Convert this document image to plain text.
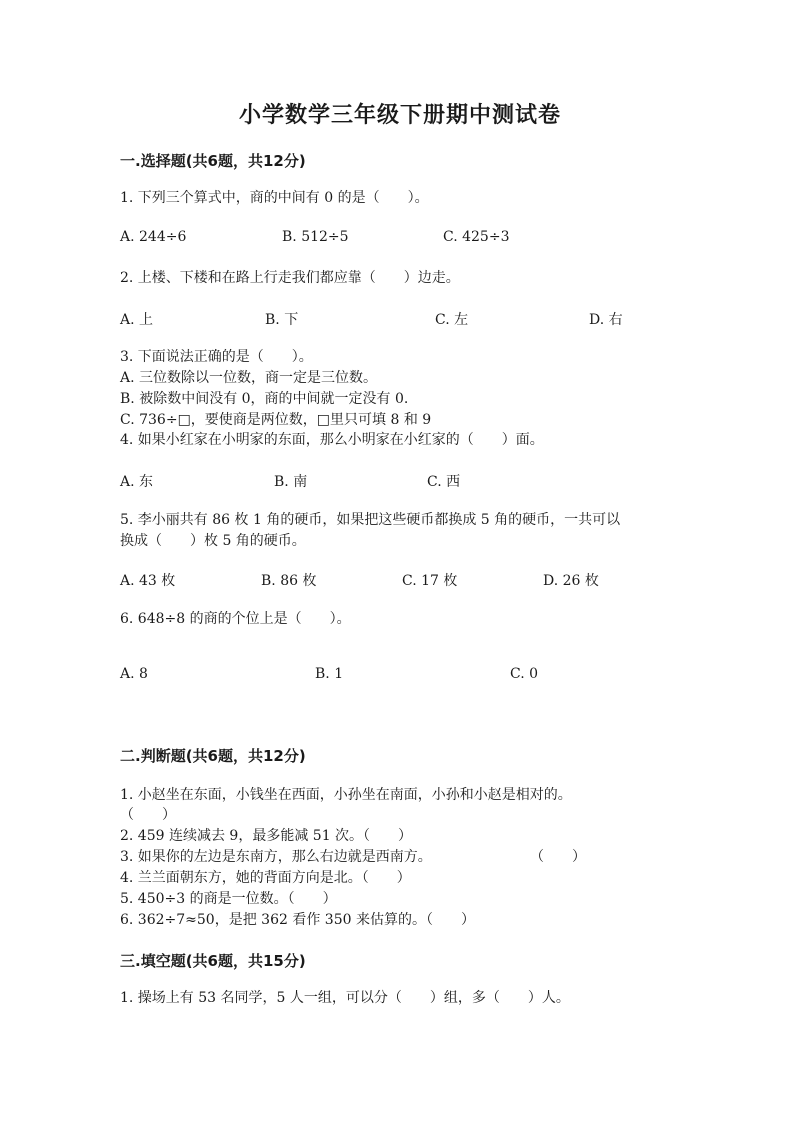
小学数学三年级下册期中测试卷
一.选择题(共6题，共12分)
1. 下列三个算式中，商的中间有 0 的是（　　）。
A. 244÷6	B. 512÷5	C. 425÷3
2. 上楼、下楼和在路上行走我们都应靠（　　）边走。
A. 上	B. 下	C. 左	D. 右
3. 下面说法正确的是（　　）。
A. 三位数除以一位数，商一定是三位数。
B. 被除数中间没有 0，商的中间就一定没有 0.
C. 736÷□，要使商是两位数，□里只可填 8 和 9
4. 如果小红家在小明家的东面，那么小明家在小红家的（　　）面。
A. 东	B. 南	C. 西
5. 李小丽共有 86 枚 1 角的硬币，如果把这些硬币都换成 5 角的硬币，一共可以
换成（　　）枚 5 角的硬币。
A. 43 枚	B. 86 枚	C. 17 枚	D. 26 枚
6. 648÷8 的商的个位上是（　　）。
A. 8	B. 1	C. 0
二.判断题(共6题，共12分)
1. 小赵坐在东面，小钱坐在西面，小孙坐在南面，小孙和小赵是相对的。
（　　）
2. 459 连续减去 9，最多能减 51 次。（　　）
3. 如果你的左边是东南方，那么右边就是西南方。	（　　）
4. 兰兰面朝东方，她的背面方向是北。（　　）
5. 450÷3 的商是一位数。（　　）
6. 362÷7≈50，是把 362 看作 350 来估算的。（　　）
三.填空题(共6题，共15分)
1. 操场上有 53 名同学，5 人一组，可以分（　　）组，多（　　）人。
